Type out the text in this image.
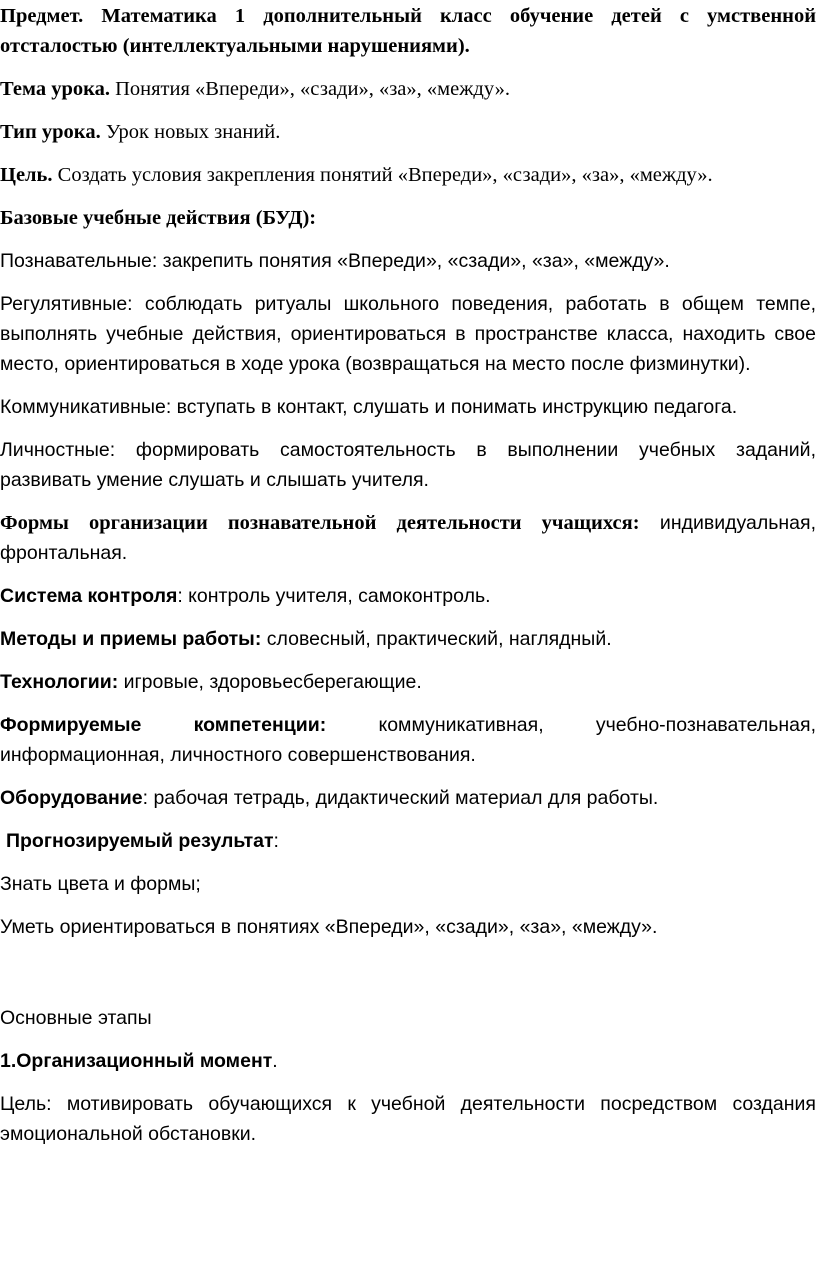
Предмет. Математика 1 дополнительный класс обучение детей с умственной отсталостью (интеллектуальными нарушениями).
Тема урока. Понятия «Впереди», «сзади», «за», «между».
Тип урока. Урок новых знаний.
Цель. Создать условия закрепления понятий «Впереди», «сзади», «за», «между».
Базовые учебные действия (БУД):
Познавательные: закрепить понятия «Впереди», «сзади», «за», «между».
Регулятивные: соблюдать ритуалы школьного поведения, работать в общем темпе, выполнять учебные действия, ориентироваться в пространстве класса, находить свое место, ориентироваться в ходе урока (возвращаться на место после физминутки).
Коммуникативные: вступать в контакт, слушать и понимать инструкцию педагога.
Личностные: формировать самостоятельность в выполнении учебных заданий, развивать умение слушать и слышать учителя.
Формы организации познавательной деятельности учащихся: индивидуальная, фронтальная.
Система контроля: контроль учителя, самоконтроль.
Методы и приемы работы: словесный, практический, наглядный.
Технологии: игровые, здоровьесберегающие.
Формируемые компетенции: коммуникативная, учебно-познавательная, информационная, личностного совершенствования.
Оборудование: рабочая тетрадь, дидактический материал для работы.
Прогнозируемый результат:
Знать цвета и формы;
Уметь ориентироваться в понятиях «Впереди», «сзади», «за», «между».
Основные этапы
1.Организационный момент.
Цель: мотивировать обучающихся к учебной деятельности посредством создания эмоциональной обстановки.
